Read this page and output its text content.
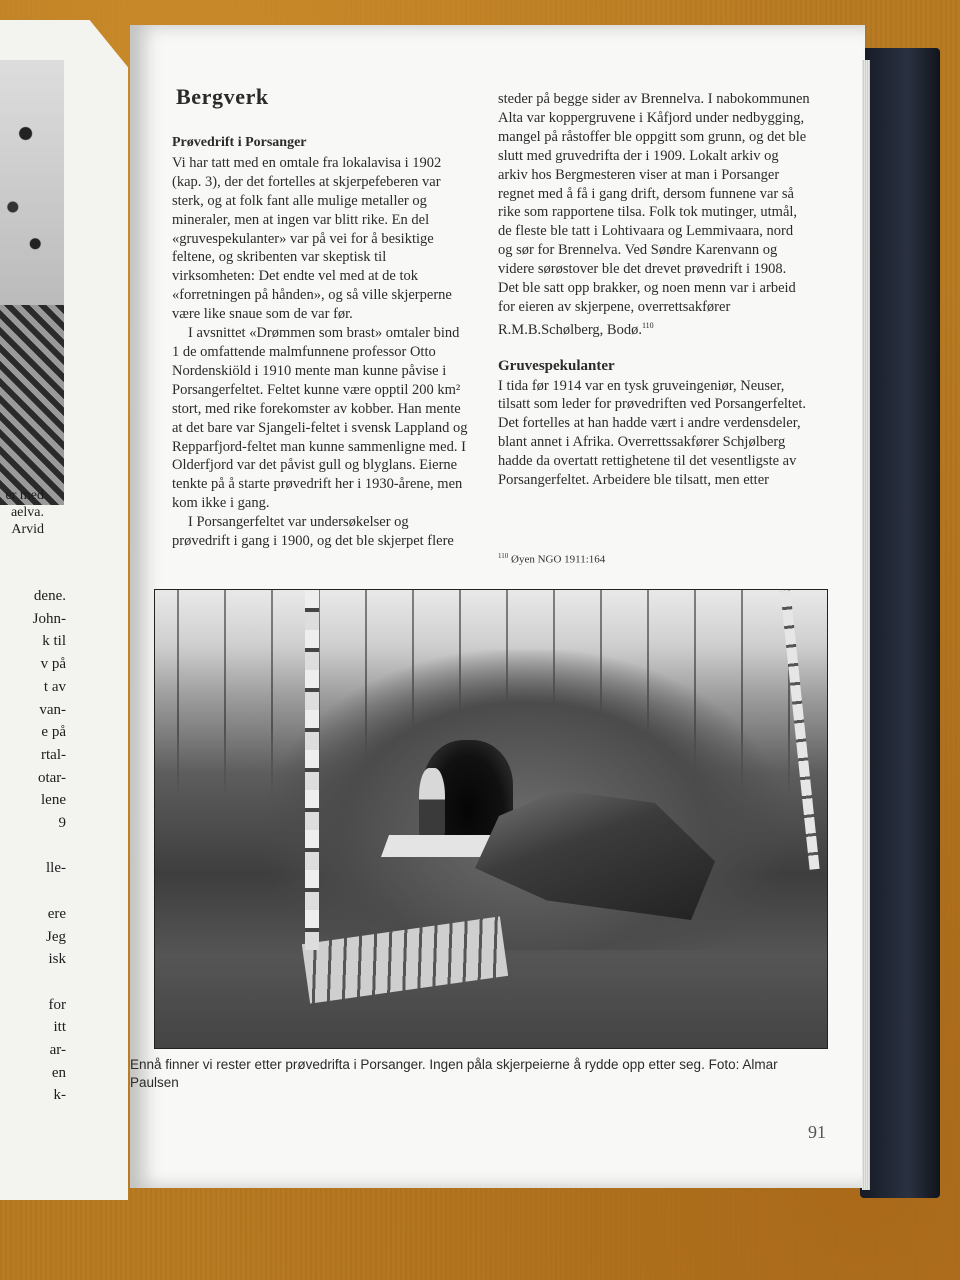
er med
aelva.
Arvid
dene.
John-
k til
v på
t av
van-
e på
rtal-
otar-
lene
9

lle-

ere
Jeg
isk

for
itt
ar-
en
k-
Bergverk

Prøvedrift i Porsanger

Vi har tatt med en omtale fra lokalavisa i 1902 (kap. 3), der det fortelles at skjerpefeberen var sterk, og at folk fant alle mulige metaller og mineraler, men at ingen var blitt rike. En del «gruvespekulanter» var på vei for å besiktige feltene, og skribenten var skeptisk til virksomheten: Det endte vel med at de tok «forretningen på hånden», og så ville skjerperne være like snaue som de var før.

I avsnittet «Drømmen som brast» omtaler bind 1 de omfattende malmfunnene professor Otto Nordenskiöld i 1910 mente man kunne påvise i Porsangerfeltet. Feltet kunne være opptil 200 km² stort, med rike forekomster av kobber. Han mente at det bare var Sjangeli-feltet i svensk Lappland og Repparfjord-feltet man kunne sammenligne med. I Olderfjord var det påvist gull og blyglans. Eierne tenkte på å starte prøvedrift her i 1930-årene, men kom ikke i gang.

I Porsangerfeltet var undersøkelser og prøvedrift i gang i 1900, og det ble skjerpet flere

steder på begge sider av Brennelva. I nabokommunen Alta var koppergruvene i Kåfjord under nedbygging, mangel på råstoffer ble oppgitt som grunn, og det ble slutt med gruvedrifta der i 1909. Lokalt arkiv og arkiv hos Bergmesteren viser at man i Porsanger regnet med å få i gang drift, dersom funnene var så rike som rapportene tilsa. Folk tok mutinger, utmål, de fleste ble tatt i Lohtivaara og Lemmivaara, nord og sør for Brennelva. Ved Søndre Karenvann og videre sørøstover ble det drevet prøvedrift i 1908. Det ble satt opp brakker, og noen menn var i arbeid for eieren av skjerpene, overrettsakfører R.M.B.Schølberg, Bodø.$^{110}$

Gruvespekulanter

I tida før 1914 var en tysk gruveingeniør, Neuser, tilsatt som leder for prøvedriften ved Porsangerfeltet. Det fortelles at han hadde vært i andre verdensdeler, blant annet i Afrika. Overrettssakfører Schjølberg hadde da overtatt rettighetene til det vesentligste av Porsangerfeltet. Arbeidere ble tilsatt, men etter

$^{110}$ Øyen NGO 1911:164

Ennå finner vi rester etter prøvedrifta i Porsanger. Ingen påla skjerpeierne å rydde opp etter seg. Foto: Almar Paulsen

91
